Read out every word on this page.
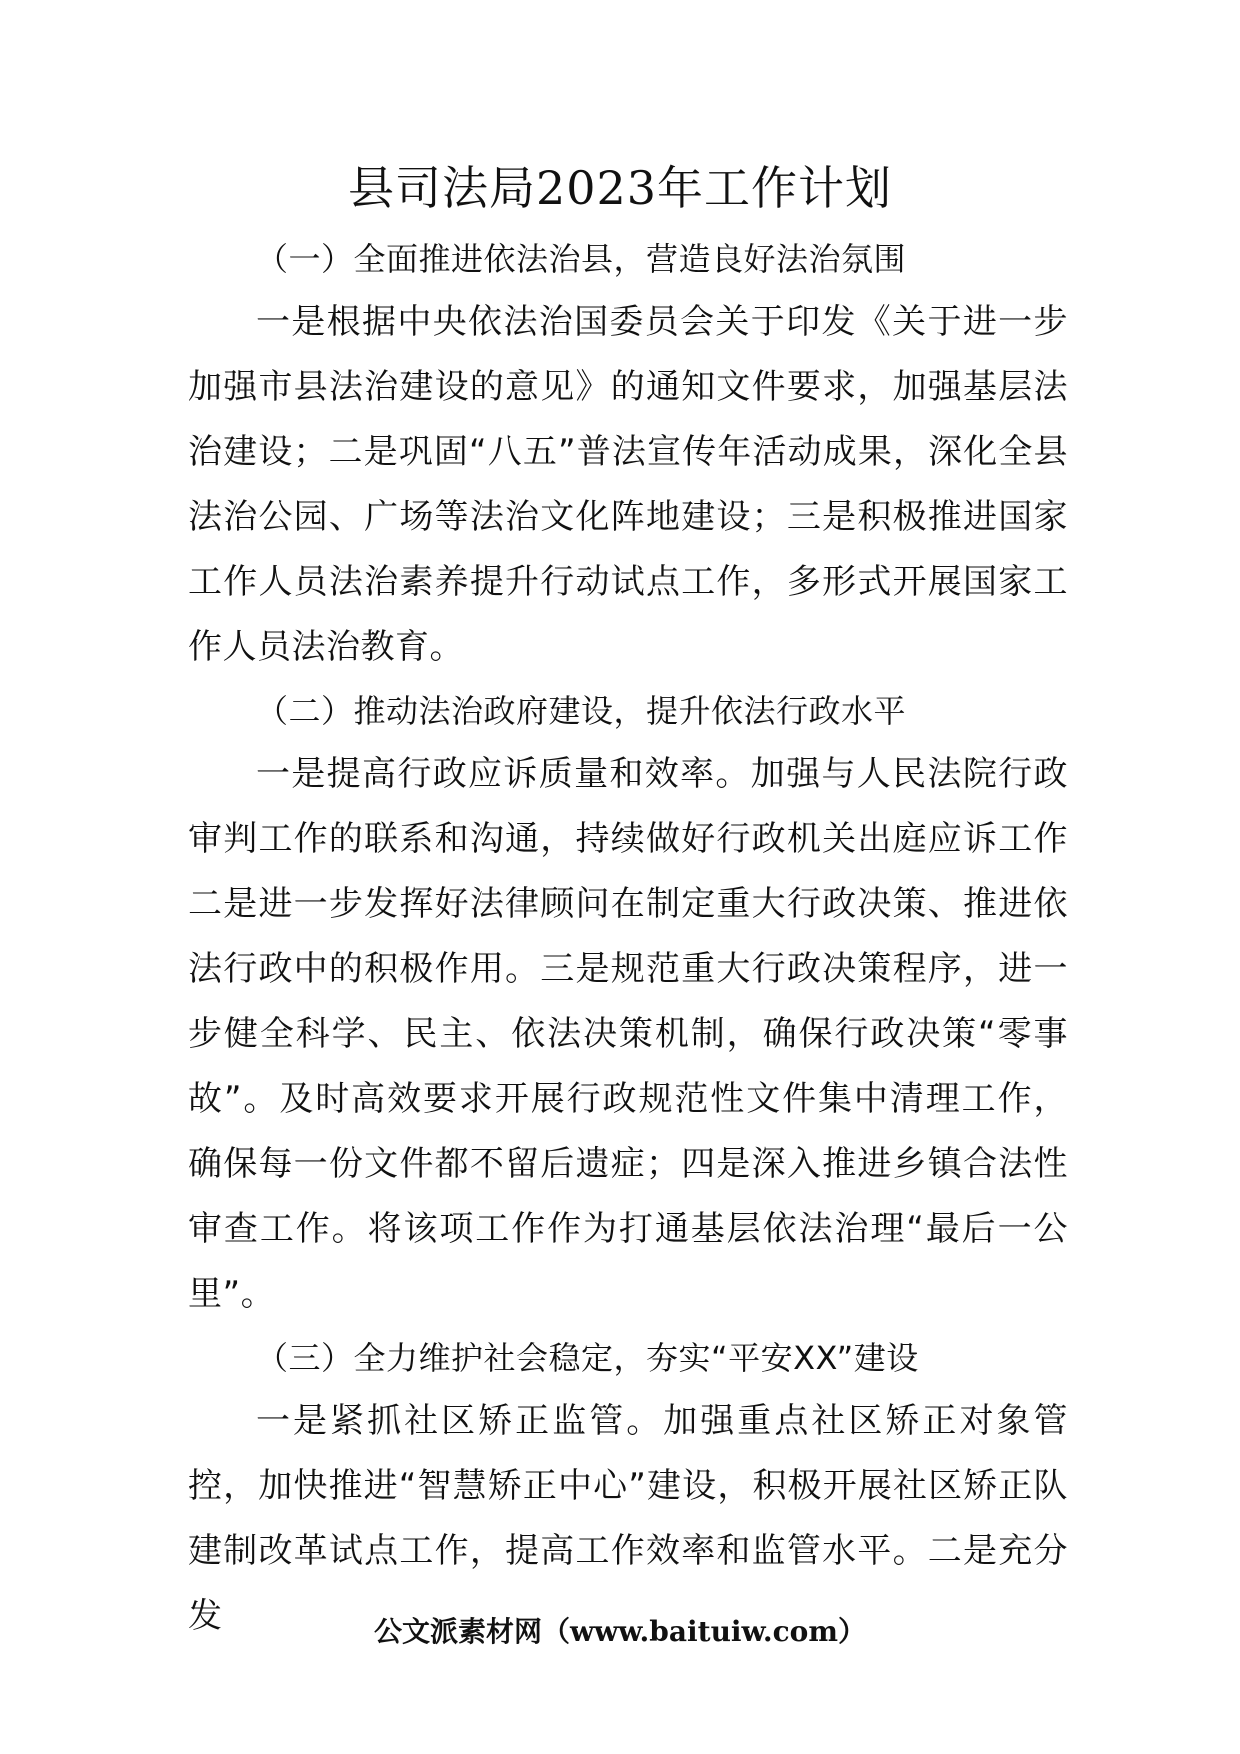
县司法局2023年工作计划
（一）全面推进依法治县，营造良好法治氛围

一是根据中央依法治国委员会关于印发《关于进一步加强市县法治建设的意见》的通知文件要求，加强基层法治建设；二是巩固“八五”普法宣传年活动成果，深化全县法治公园、广场等法治文化阵地建设；三是积极推进国家工作人员法治素养提升行动试点工作，多形式开展国家工作人员法治教育。

（二）推动法治政府建设，提升依法行政水平

一是提高行政应诉质量和效率。加强与人民法院行政审判工作的联系和沟通，持续做好行政机关出庭应诉工作二是进一步发挥好法律顾问在制定重大行政决策、推进依法行政中的积极作用。三是规范重大行政决策程序，进一步健全科学、民主、依法决策机制，确保行政决策“零事故”。及时高效要求开展行政规范性文件集中清理工作，确保每一份文件都不留后遗症；四是深入推进乡镇合法性审查工作。将该项工作作为打通基层依法治理“最后一公里”。

（三）全力维护社会稳定，夯实“平安XX”建设

一是紧抓社区矫正监管。加强重点社区矫正对象管控，加快推进“智慧矫正中心”建设，积极开展社区矫正队建制改革试点工作，提高工作效率和监管水平。二是充分发	公文派素材网（www.baituiw.com）
